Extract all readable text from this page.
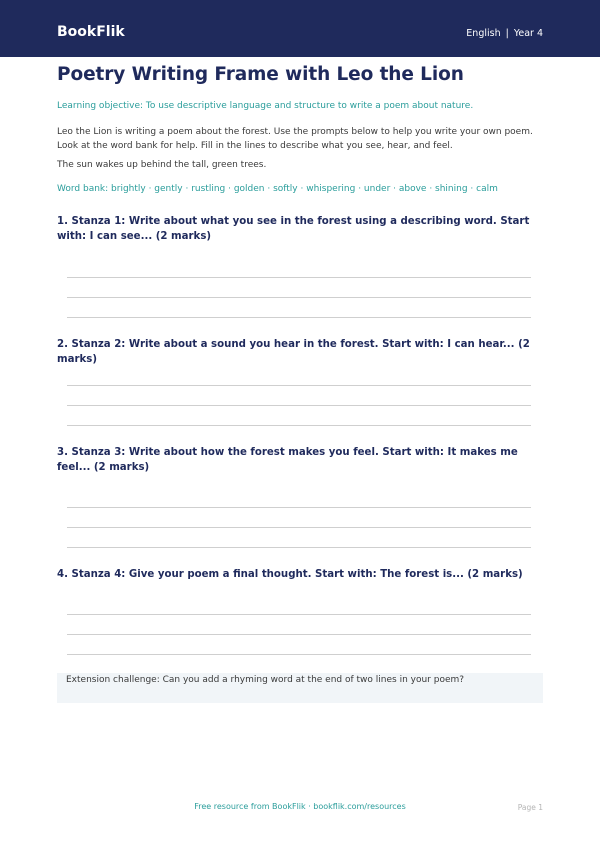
BookFlik	English | Year 4
Poetry Writing Frame with Leo the Lion
Learning objective: To use descriptive language and structure to write a poem about nature.
Leo the Lion is writing a poem about the forest. Use the prompts below to help you write your own poem. Look at the word bank for help. Fill in the lines to describe what you see, hear, and feel.
The sun wakes up behind the tall, green trees.
Word bank: brightly · gently · rustling · golden · softly · whispering · under · above · shining · calm
1. Stanza 1: Write about what you see in the forest using a describing word. Start with: I can see... (2 marks)
2. Stanza 2: Write about a sound you hear in the forest. Start with: I can hear... (2 marks)
3. Stanza 3: Write about how the forest makes you feel. Start with: It makes me feel... (2 marks)
4. Stanza 4: Give your poem a final thought. Start with: The forest is... (2 marks)
Extension challenge: Can you add a rhyming word at the end of two lines in your poem?
Free resource from BookFlik · bookflik.com/resources	Page 1
